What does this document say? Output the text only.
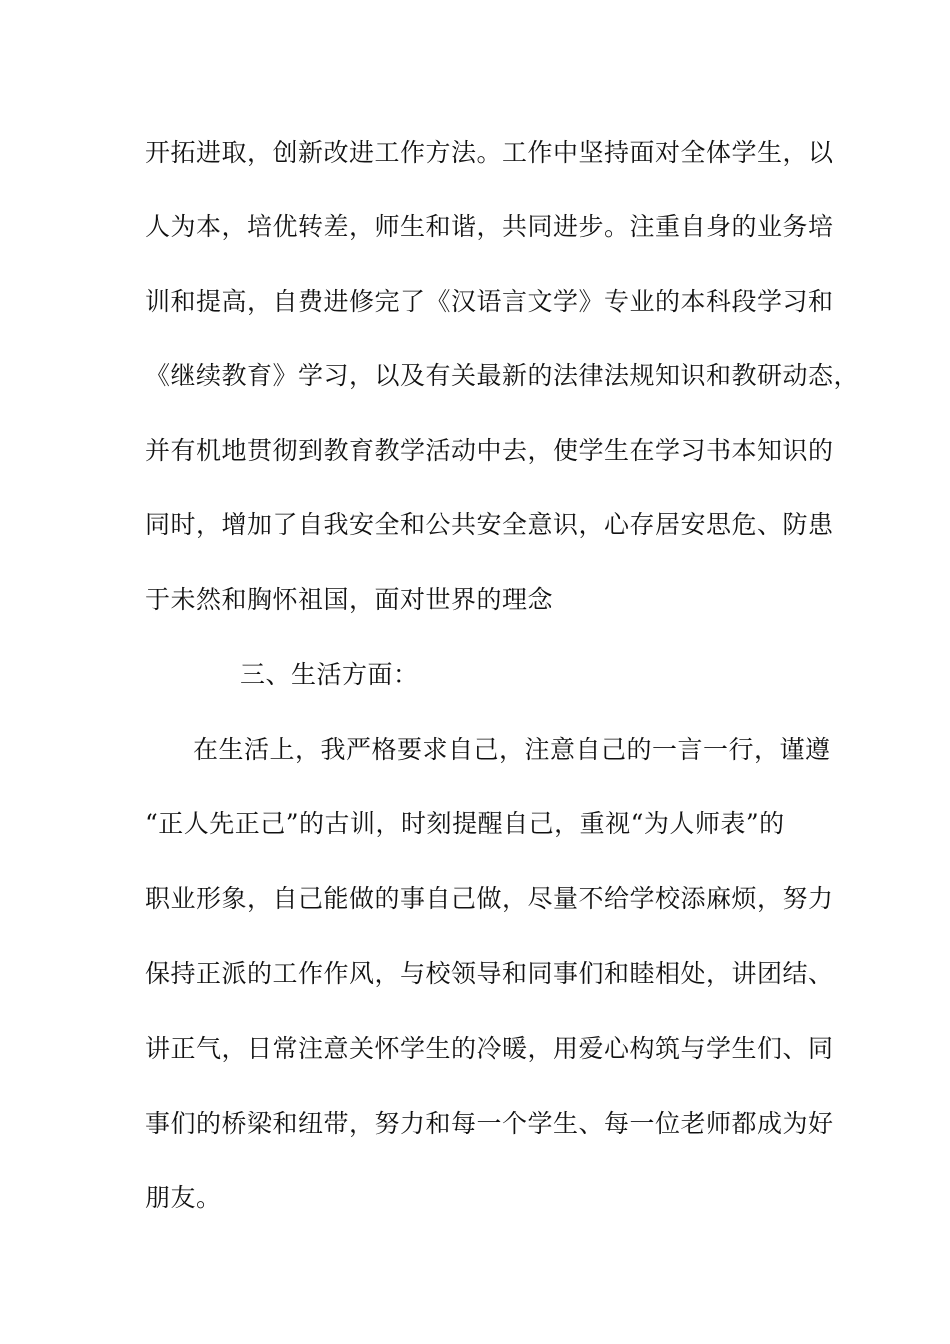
开拓进取，创新改进工作方法。工作中坚持面对全体学生，以
人为本，培优转差，师生和谐，共同进步。注重自身的业务培
训和提高，自费进修完了《汉语言文学》专业的本科段学习和
《继续教育》学习，以及有关最新的法律法规知识和教研动态，
并有机地贯彻到教育教学活动中去，使学生在学习书本知识的
同时，增加了自我安全和公共安全意识，心存居安思危、防患
于未然和胸怀祖国，面对世界的理念
三、生活方面：
在生活上，我严格要求自己，注意自己的一言一行，谨遵
“正人先正己”的古训，时刻提醒自己，重视“为人师表”的
职业形象，自己能做的事自己做，尽量不给学校添麻烦，努力
保持正派的工作作风，与校领导和同事们和睦相处，讲团结、
讲正气，日常注意关怀学生的冷暖，用爱心构筑与学生们、同
事们的桥梁和纽带，努力和每一个学生、每一位老师都成为好
朋友。
